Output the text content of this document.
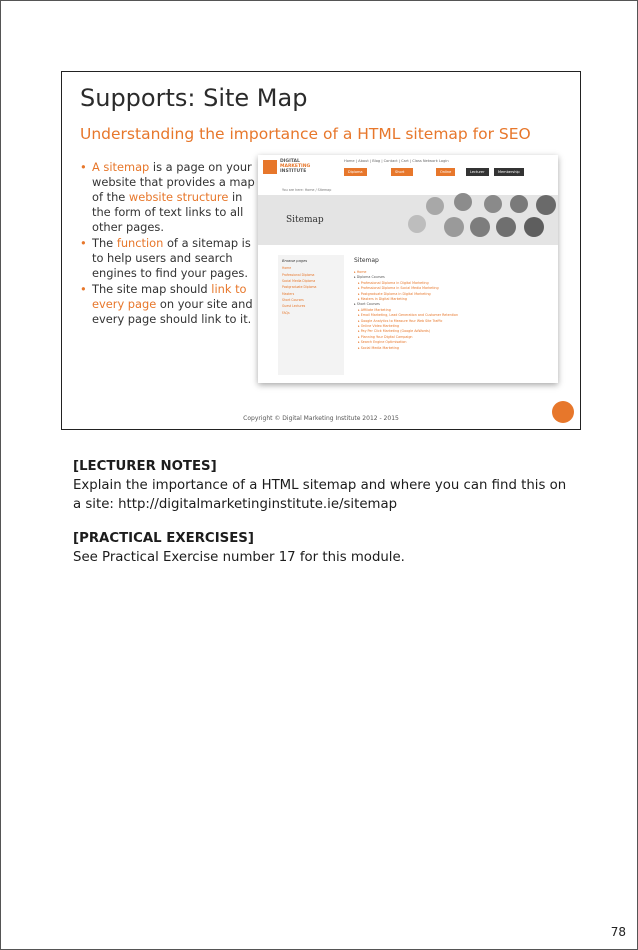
Supports: Site Map
Understanding the importance of a HTML sitemap for SEO
• A sitemap is a page on your website that provides a map of the website structure in the form of text links to all other pages.
• The function of a sitemap is to help users and search engines to find your pages.
• The site map should link to every page on your site and every page should link to it.
DIGITAL
MARKETING
INSTITUTE
Home | About | Blog | Contact | Cart | Class Network Login
Diploma Courses
Short Courses
Online	Lecturer	Membership
You are here: Home / Sitemap
Sitemap
Browse pages
Home
Professional Diploma
Social Media Diploma
Postgraduate Diploma
Masters
Short Courses
Guest Lectures
FAQs
Sitemap
▸ Home
▸ Diploma Courses
▸ Professional Diploma in Digital Marketing
▸ Professional Diploma in Social Media Marketing
▸ Postgraduate Diploma in Digital Marketing
▸ Masters in Digital Marketing
▸ Short Courses
▸ Affiliate Marketing
▸ Email Marketing, Lead Generation and Customer Retention
▸ Google Analytics to Measure Your Web Site Traffic
▸ Online Video Marketing
▸ Pay Per Click Marketing (Google AdWords)
▸ Planning Your Digital Campaign
▸ Search Engine Optimisation
▸ Social Media Marketing
Copyright © Digital Marketing Institute 2012 - 2015
[LECTURER NOTES]

Explain the importance of a HTML sitemap and where you can find this on a site: http://digitalmarketinginstitute.ie/sitemap

[PRACTICAL EXERCISES]

See Practical Exercise number 17 for this module.

78
